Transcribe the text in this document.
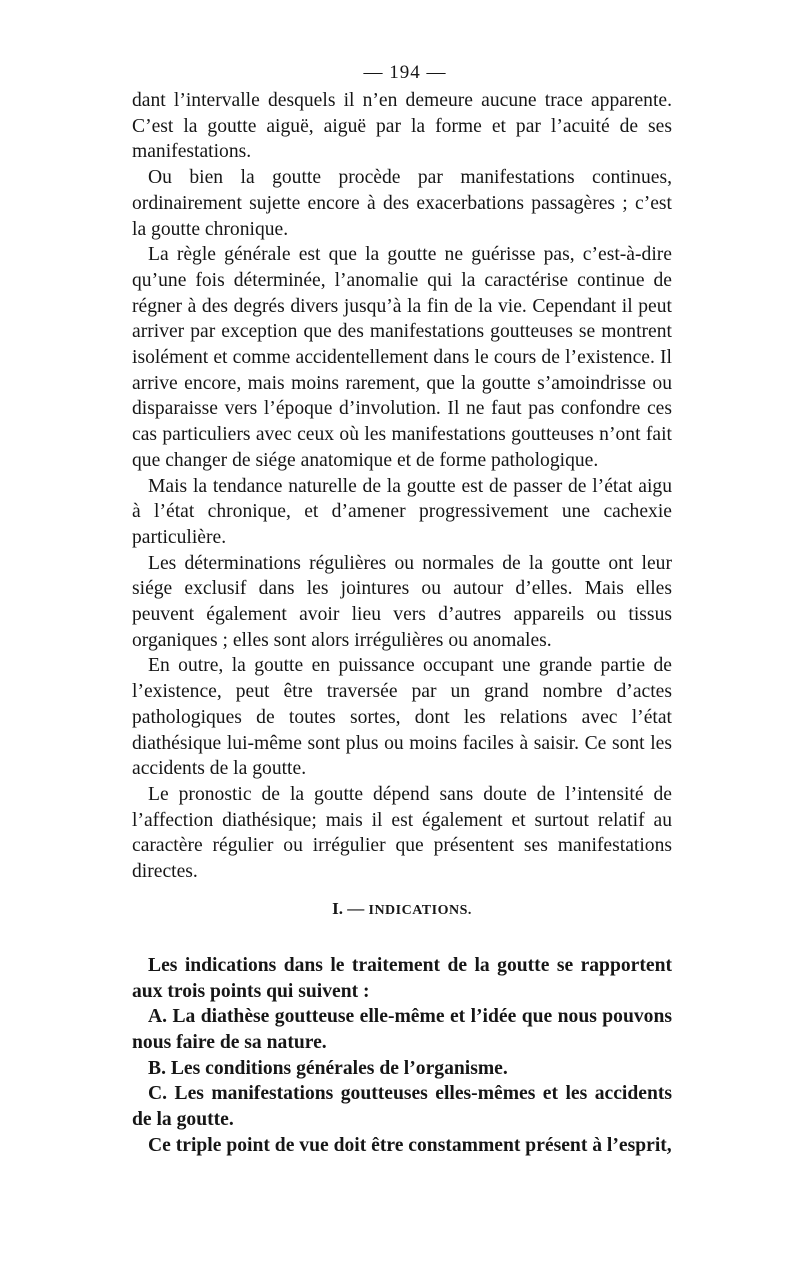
— 194 —

dant l’intervalle desquels il n’en demeure aucune trace apparente. C’est la goutte aiguë, aiguë par la forme et par l’acuité de ses manifestations.

Ou bien la goutte procède par manifestations continues, ordinairement sujette encore à des exacerbations passagères ; c’est la goutte chronique.

La règle générale est que la goutte ne guérisse pas, c’est-à-dire qu’une fois déterminée, l’anomalie qui la caractérise continue de régner à des degrés divers jusqu’à la fin de la vie. Cependant il peut arriver par exception que des manifestations goutteuses se montrent isolément et comme accidentellement dans le cours de l’existence. Il arrive encore, mais moins rarement, que la goutte s’amoindrisse ou disparaisse vers l’époque d’involution. Il ne faut pas confondre ces cas particuliers avec ceux où les manifestations goutteuses n’ont fait que changer de siége anatomique et de forme pathologique.

Mais la tendance naturelle de la goutte est de passer de l’état aigu à l’état chronique, et d’amener progressivement une cachexie particulière.

Les déterminations régulières ou normales de la goutte ont leur siége exclusif dans les jointures ou autour d’elles. Mais elles peuvent également avoir lieu vers d’autres appareils ou tissus organiques ; elles sont alors irrégulières ou anomales.

En outre, la goutte en puissance occupant une grande partie de l’existence, peut être traversée par un grand nombre d’actes pathologiques de toutes sortes, dont les relations avec l’état diathésique lui-même sont plus ou moins faciles à saisir. Ce sont les accidents de la goutte.

Le pronostic de la goutte dépend sans doute de l’intensité de l’affection diathésique; mais il est également et surtout relatif au caractère régulier ou irrégulier que présentent ses manifestations directes.

I. — INDICATIONS.

Les indications dans le traitement de la goutte se rapportent aux trois points qui suivent :

A. La diathèse goutteuse elle-même et l’idée que nous pouvons nous faire de sa nature.

B. Les conditions générales de l’organisme.

C. Les manifestations goutteuses elles-mêmes et les accidents de la goutte.

Ce triple point de vue doit être constamment présent à l’esprit,
